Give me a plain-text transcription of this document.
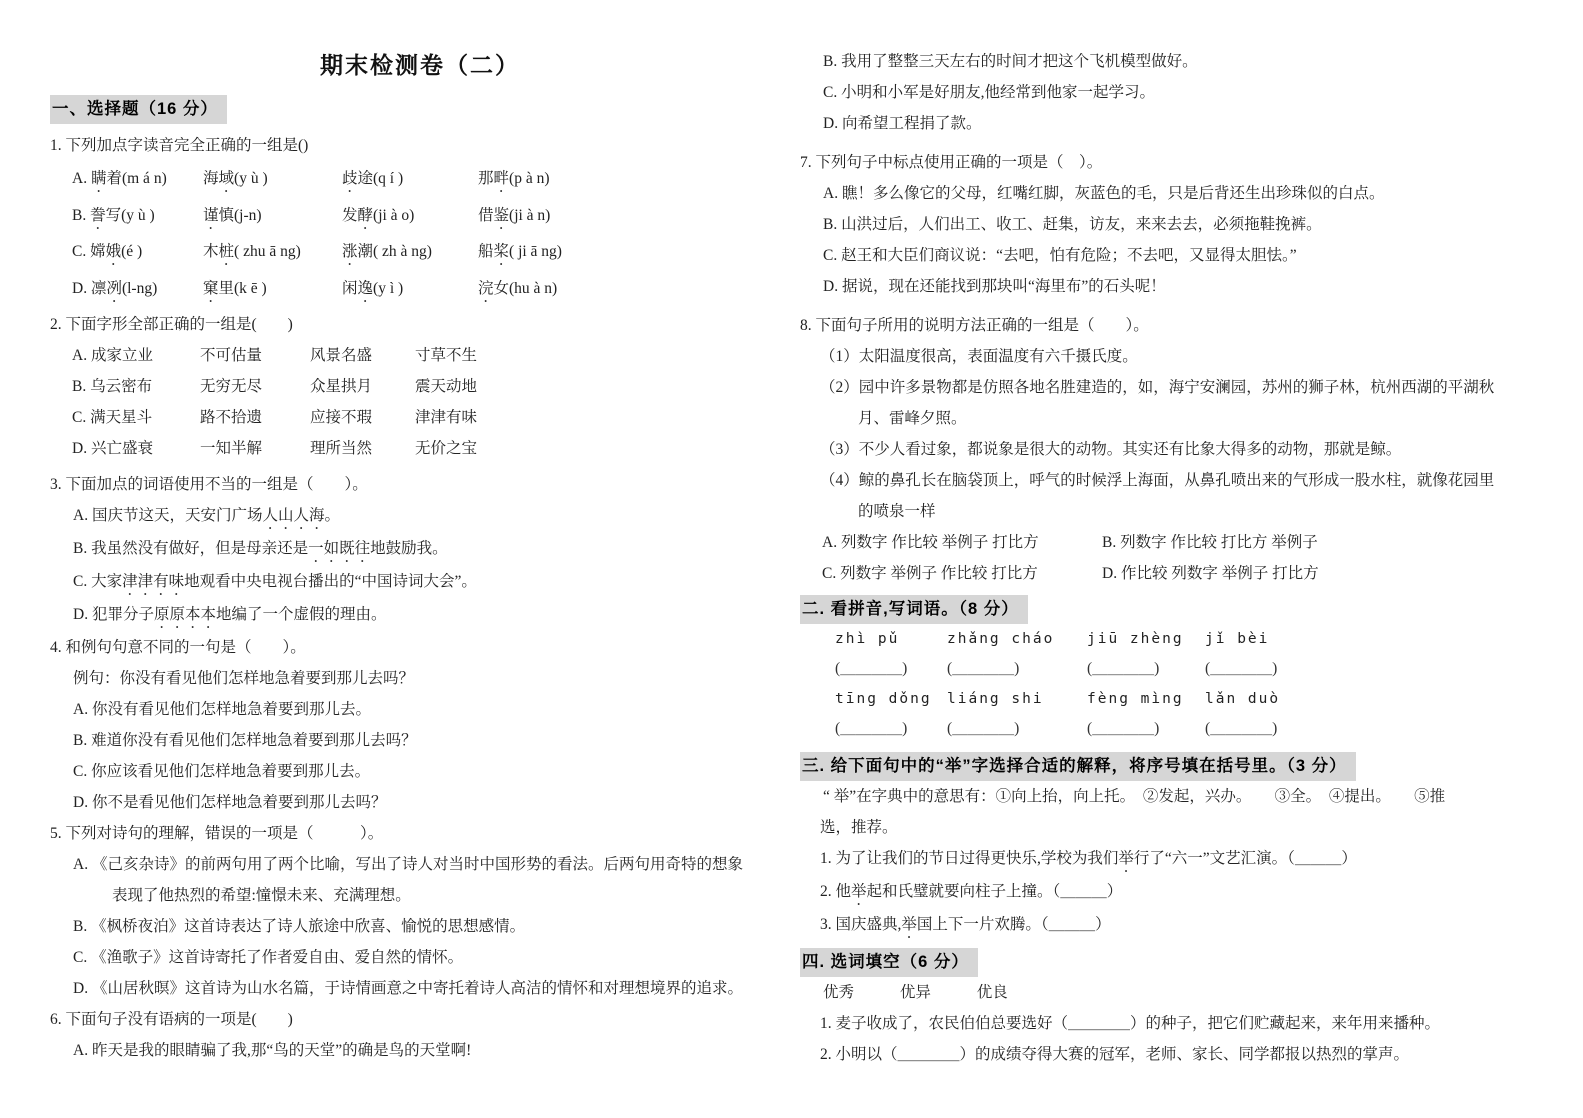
期末检测卷（二）
一、选择题（16 分）
1. 下列加点字读音完全正确的一组是()
A. 瞒着(m á n)	海域(y ù )	歧途(q í )	那畔(p à n)
B. 誊写(y ù )	谨慎(j-n)	发酵(ji à o)	借鉴(ji à n)
C. 嫦娥(é )	木桩( zhu ā ng)	涨潮( zh à ng)	船桨( ji ā ng)
D. 凛冽(l-ng)	窠里(k ē )	闲逸(y ì )	浣女(hu à n)
2. 下面字形全部正确的一组是(　　)
A. 成家立业	不可估量	风景名盛	寸草不生
B. 乌云密布	无穷无尽	众星拱月	震天动地
C. 满天星斗	路不拾遗	应接不瑕	津津有味
D. 兴亡盛衰	一知半解	理所当然	无价之宝
3. 下面加点的词语使用不当的一组是（　　）。
A. 国庆节这天，天安门广场人山人海。
B. 我虽然没有做好，但是母亲还是一如既往地鼓励我。
C. 大家津津有味地观看中央电视台播出的“中国诗词大会”。
D. 犯罪分子原原本本地编了一个虚假的理由。
4. 和例句句意不同的一句是（　　）。
例句：你没有看见他们怎样地急着要到那儿去吗？
A. 你没有看见他们怎样地急着要到那儿去。
B. 难道你没有看见他们怎样地急着要到那儿去吗？
C. 你应该看见他们怎样地急着要到那儿去。
D. 你不是看见他们怎样地急着要到那儿去吗？
5. 下列对诗句的理解，错误的一项是（　　　）。
A. 《己亥杂诗》的前两句用了两个比喻，写出了诗人对当时中国形势的看法。后两句用奇特的想象
表现了他热烈的希望:憧憬未来、充满理想。
B. 《枫桥夜泊》这首诗表达了诗人旅途中欣喜、愉悦的思想感情。
C. 《渔歌子》这首诗寄托了作者爱自由、爱自然的情怀。
D. 《山居秋暝》这首诗为山水名篇，于诗情画意之中寄托着诗人高洁的情怀和对理想境界的追求。
6. 下面句子没有语病的一项是(　　)
A. 昨天是我的眼睛骗了我,那“鸟的天堂”的确是鸟的天堂啊!
B. 我用了整整三天左右的时间才把这个飞机模型做好。
C. 小明和小军是好朋友,他经常到他家一起学习。
D. 向希望工程捐了款。
7. 下列句子中标点使用正确的一项是（　）。
A. 瞧！多么像它的父母，红嘴红脚，灰蓝色的毛，只是后背还生出珍珠似的白点。
B. 山洪过后，人们出工、收工、赶集，访友，来来去去，必须拖鞋挽裤。
C. 赵王和大臣们商议说：“去吧，怕有危险；不去吧，又显得太胆怯。”
D. 据说，现在还能找到那块叫“海里布”的石头呢！
8. 下面句子所用的说明方法正确的一组是（　　）。
（1）太阳温度很高，表面温度有六千摄氏度。
（2）园中许多景物都是仿照各地名胜建造的，如，海宁安澜园，苏州的狮子林，杭州西湖的平湖秋
月、雷峰夕照。
（3）不少人看过象，都说象是很大的动物。其实还有比象大得多的动物，那就是鲸。
（4）鲸的鼻孔长在脑袋顶上，呼气的时候浮上海面，从鼻孔喷出来的气形成一股水柱，就像花园里
的喷泉一样
A. 列数字 作比较 举例子 打比方	B. 列数字 作比较 打比方 举例子
C. 列数字 举例子 作比较 打比方	D. 作比较 列数字 举例子 打比方
二. 看拼音,写词语。（8 分）
zhì pǔ	zhǎng cháo	jiū zhèng	jǐ bèi
(＿＿＿＿)	(＿＿＿＿)	(＿＿＿＿)	(＿＿＿＿)
tīng dǒng	liáng shi	fèng mìng	lǎn duò
(＿＿＿＿)	(＿＿＿＿)	(＿＿＿＿)	(＿＿＿＿)
三. 给下面句中的“举”字选择合适的解释，将序号填在括号里。（3 分）
“ 举”在字典中的意思有：①向上抬，向上托。　②发起，兴办。　　③全。　④提出。　　⑤推
选，推荐。
1. 为了让我们的节日过得更快乐,学校为我们举行了“六一”文艺汇演。（＿＿＿）
2. 他举起和氏璧就要向柱子上撞。（＿＿＿）
3. 国庆盛典,举国上下一片欢腾。（＿＿＿）
四. 选词填空（6 分）
优秀	优异	优良
1. 麦子收成了，农民伯伯总要选好（＿＿＿＿）的种子，把它们贮藏起来，来年用来播种。
2. 小明以（＿＿＿＿）的成绩夺得大赛的冠军，老师、家长、同学都报以热烈的掌声。
